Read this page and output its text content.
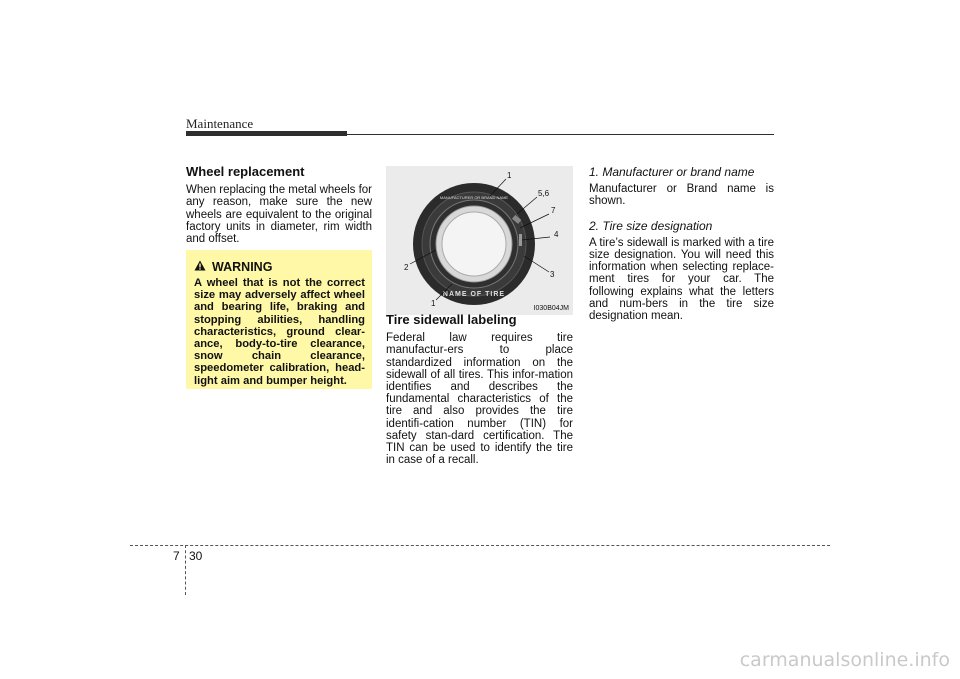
Maintenance
Wheel replacement

When replacing the metal wheels for any reason, make sure the new wheels are equivalent to the original factory units in diameter, rim width and offset.

WARNING
A wheel that is not the correct size may adversely affect wheel and bearing life, braking and stopping abilities, handling characteristics, ground clear-ance, body-to-tire clearance, snow chain clearance, speedometer calibration, head-light aim and bumper height.
MANUFACTURER OR BRAND NAME
NAME OF TIRE
1
5,6
7
4
3
2
1
I030B04JM
Tire sidewall labeling

Federal law requires tire manufactur-ers to place standardized information on the sidewall of all tires. This infor-mation identifies and describes the fundamental characteristics of the tire and also provides the tire identifi-cation number (TIN) for safety stan-dard certification. The TIN can be used to identify the tire in case of a recall.

1. Manufacturer or brand name

Manufacturer or Brand name is shown.

2. Tire size designation

A tire’s sidewall is marked with a tire size designation. You will need this information when selecting replace-ment tires for your car. The following explains what the letters and num-bers in the tire size designation mean.

7 30
carmanualsonline.info
